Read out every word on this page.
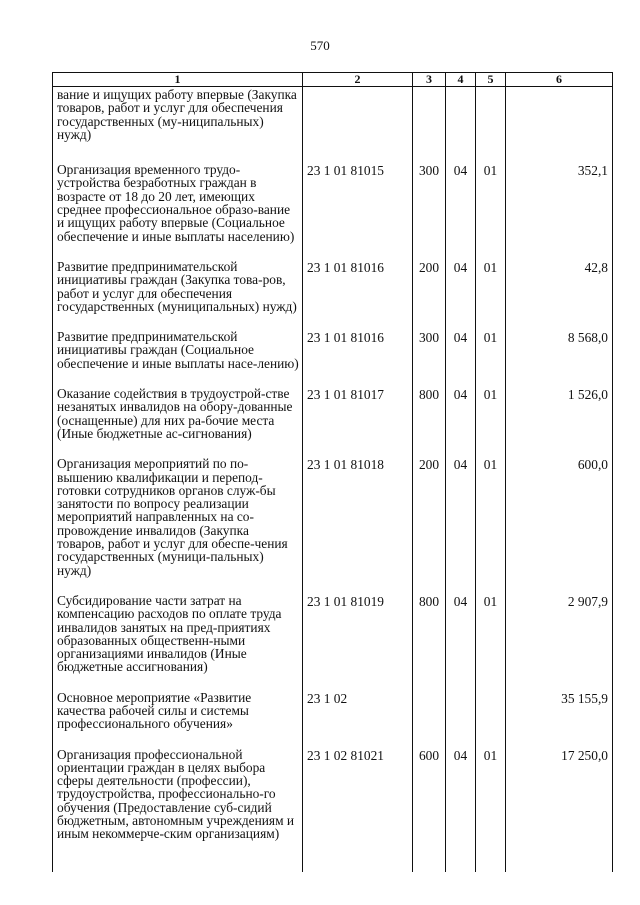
570
1	2	3	4	5	6
вание и ищущих работу впервые (Закупка товаров, работ и услуг для обеспечения государственных (му-ниципальных) нужд)					
Организация временного трудо-устройства безработных граждан в возрасте от 18 до 20 лет, имеющих среднее профессиональное образо-вание и ищущих работу впервые (Социальное обеспечение и иные выплаты населению)	23 1 01 81015	300	04	01	352,1
Развитие предпринимательской инициативы граждан (Закупка това-ров, работ и услуг для обеспечения государственных (муниципальных) нужд)	23 1 01 81016	200	04	01	42,8
Развитие предпринимательской инициативы граждан (Социальное обеспечение и иные выплаты насе-лению)	23 1 01 81016	300	04	01	8 568,0
Оказание содействия в трудоустрой-стве незанятых инвалидов на обору-дованные (оснащенные) для них ра-бочие места (Иные бюджетные ас-сигнования)	23 1 01 81017	800	04	01	1 526,0
Организация мероприятий по по-вышению квалификации и перепод-готовки сотрудников органов служ-бы занятости по вопросу реализации мероприятий направленных на со-провождение инвалидов (Закупка товаров, работ и услуг для обеспе-чения государственных (муници-пальных) нужд)	23 1 01 81018	200	04	01	600,0
Субсидирование части затрат на компенсацию расходов по оплате труда инвалидов занятых на пред-приятиях образованных общественн-ными организациями инвалидов (Иные бюджетные ассигнования)	23 1 01 81019	800	04	01	2 907,9
Основное мероприятие «Развитие качества рабочей силы и системы профессионального обучения»	23 1 02				35 155,9
Организация профессиональной ориентации граждан в целях выбора сферы деятельности (профессии), трудоустройства, профессионально-го обучения (Предоставление суб-сидий бюджетным, автономным учреждениям и иным некоммерче-ским организациям)	23 1 02 81021	600	04	01	17 250,0
